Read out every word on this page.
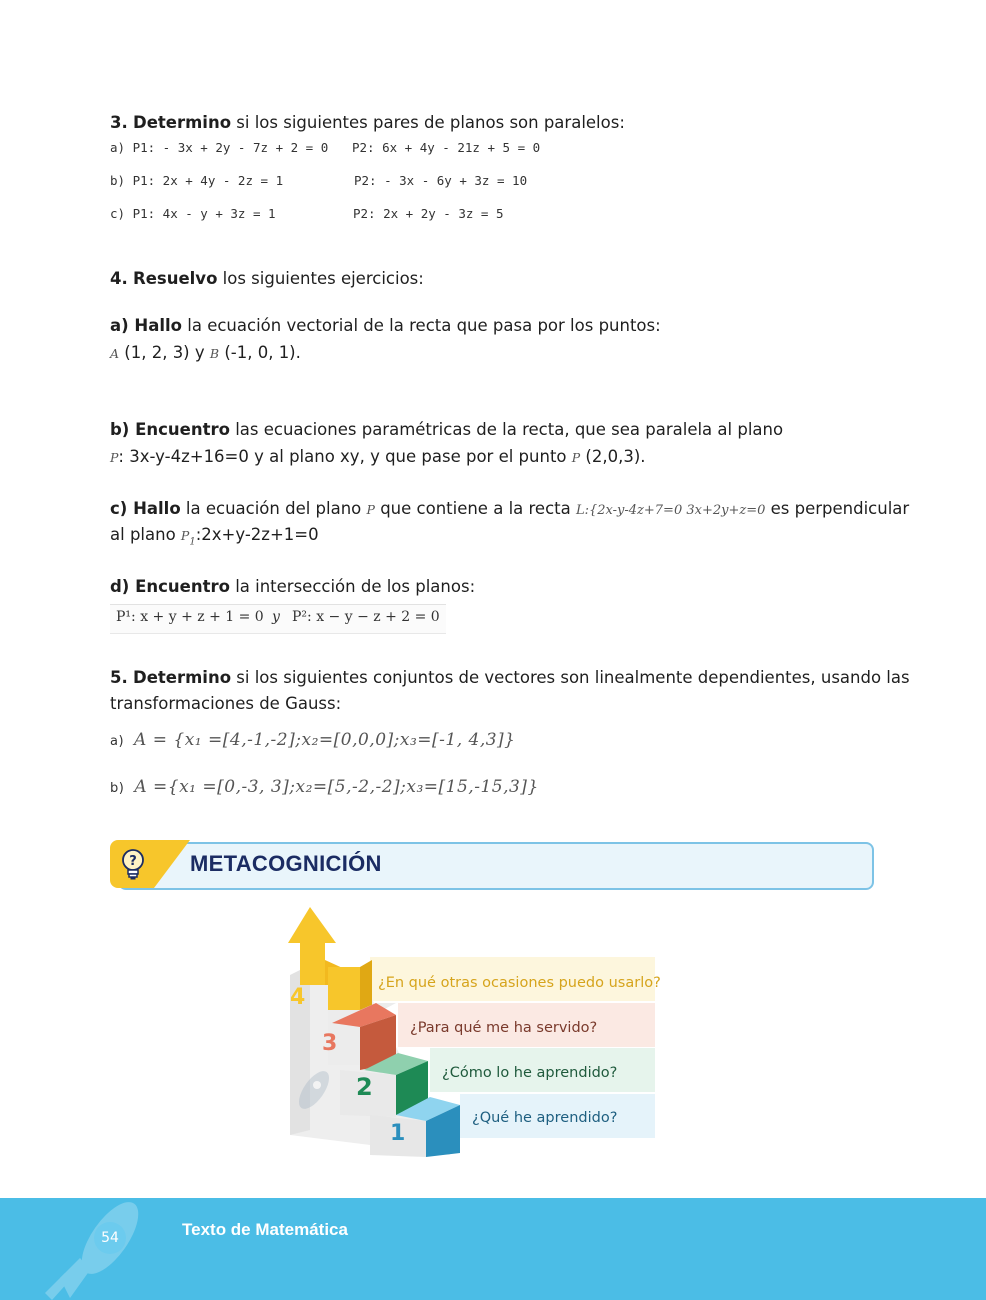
3. Determino si los siguientes pares de planos son paralelos:
a) P1: - 3x + 2y - 7z + 2 = 0 P2: 6x + 4y - 21z + 5 = 0
b) P1: 2x + 4y - 2z = 1	P2: - 3x - 6y + 3z = 10
c) P1: 4x - y + 3z = 1	P2: 2x + 2y - 3z = 5
4. Resuelvo los siguientes ejercicios:
a) Hallo la ecuación vectorial de la recta que pasa por los puntos:
A (1, 2, 3) y B (-1, 0, 1).
b) Encuentro las ecuaciones paramétricas de la recta, que sea paralela al plano
P: 3x-y-4z+16=0 y al plano xy, y que pase por el punto P (2,0,3).
c) Hallo la ecuación del plano P que contiene a la recta L:{2x-y-4z+7=0 3x+2y+z=0 es perpendicular
al plano $P_1:2x+y-2z+1=0$
d) Encuentro la intersección de los planos:
P¹: x + y + z + 1 = 0 y P²: x − y − z + 2 = 0
5. Determino si los siguientes conjuntos de vectores son linealmente dependientes, usando las
transformaciones de Gauss:
a) A = {x₁ =[4,-1,-2];x₂=[0,0,0];x₃=[-1, 4,3]}
b) A ={x₁ =[0,-3, 3];x₂=[5,-2,-2];x₃=[15,-15,3]}
? METACOGNICIÓN
4
3
2
1
¿En qué otras ocasiones puedo usarlo?
¿Para qué me ha servido?
¿Cómo lo he aprendido?
¿Qué he aprendido?
54	Texto de Matemática
